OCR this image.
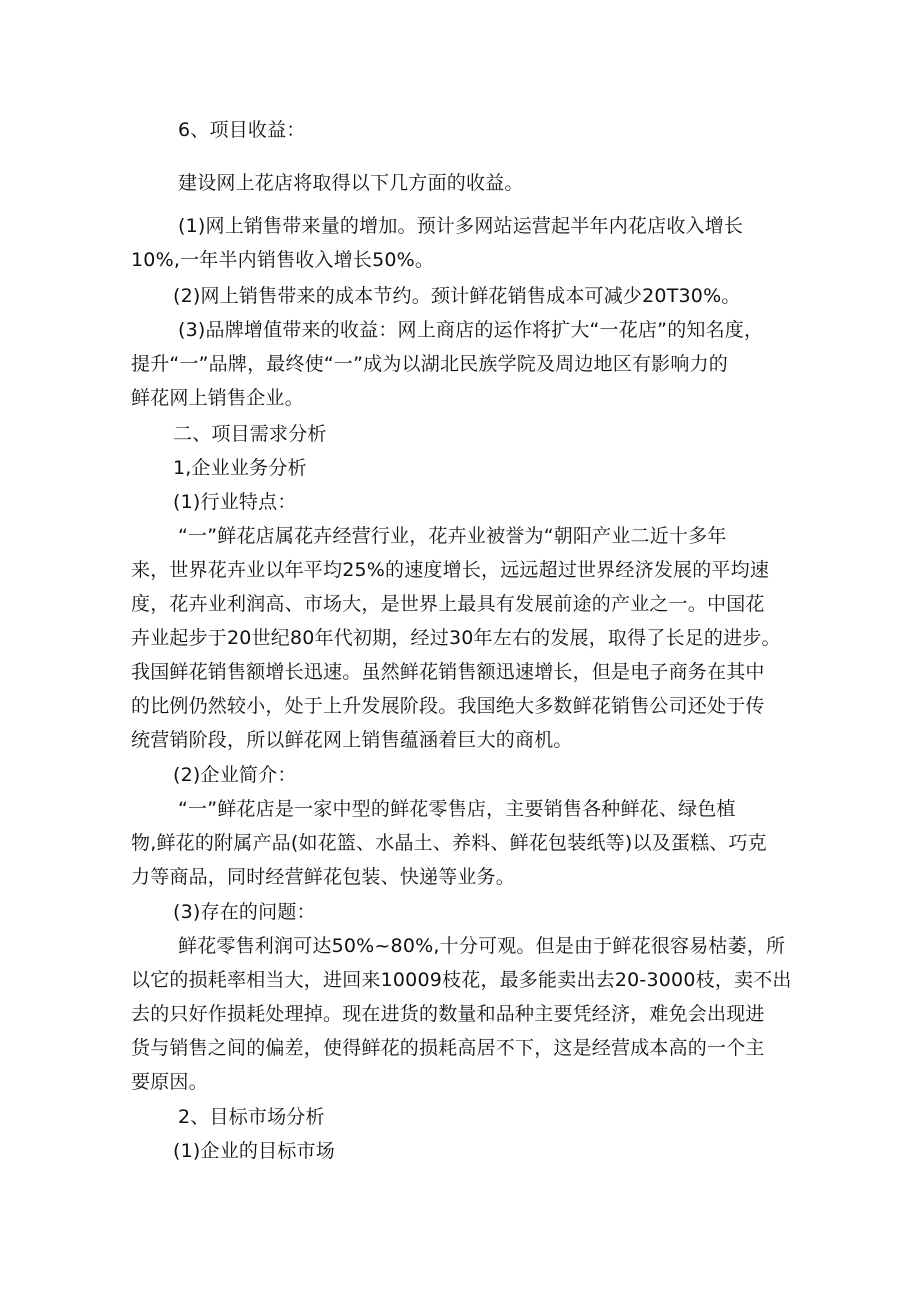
6、项目收益：
建设网上花店将取得以下几方面的收益。
(1)网上销售带来量的增加。预计多网站运营起半年内花店收入增长
10%,一年半内销售收入增长50%。
(2)网上销售带来的成本节约。颈计鲜花销售成本可减少20T30%。
(3)品牌增值带来的收益：网上商店的运作将扩大“一花店”的知名度，
提升“一”品牌，最终使“一”成为以湖北民族学院及周边地区有影响力的
鲜花网上销售企业。
二、项目需求分析
1,企业业务分析
(1)行业特点：
“一”鲜花店属花卉经营行业，花卉业被誉为“朝阳产业二近十多年
来，世界花卉业以年平均25%的速度增长，远远超过世界经济发展的平均速
度，花卉业利润高、市场大，是世界上最具有发展前途的产业之一。中国花
卉业起步于20世纪80年代初期，经过30年左右的发展，取得了长足的进步。
我国鲜花销售额增长迅速。虽然鲜花销售额迅速增长，但是电子商务在其中
的比例仍然较小，处于上升发展阶段。我国绝大多数鲜花销售公司还处于传
统营销阶段，所以鲜花网上销售蕴涵着巨大的商机。
(2)企业简介：
“一”鲜花店是一家中型的鲜花零售店，主要销售各种鲜花、绿色植
物,鲜花的附属产品(如花篮、水晶土、养料、鲜花包装纸等)以及蛋糕、巧克
力等商品，同时经营鲜花包装、快递等业务。
(3)存在的问题：
鲜花零售利润可达50%~80%,十分可观。但是由于鲜花很容易枯萎，所
以它的损耗率相当大，进回来10009枝花，最多能卖出去20-3000枝，卖不出
去的只好作损耗处理掉。现在进货的数量和品种主要凭经济，难免会出现进
货与销售之间的偏差，使得鲜花的损耗高居不下，这是经营成本高的一个主
要原因。
2、目标市场分析
(1)企业的目标市场
